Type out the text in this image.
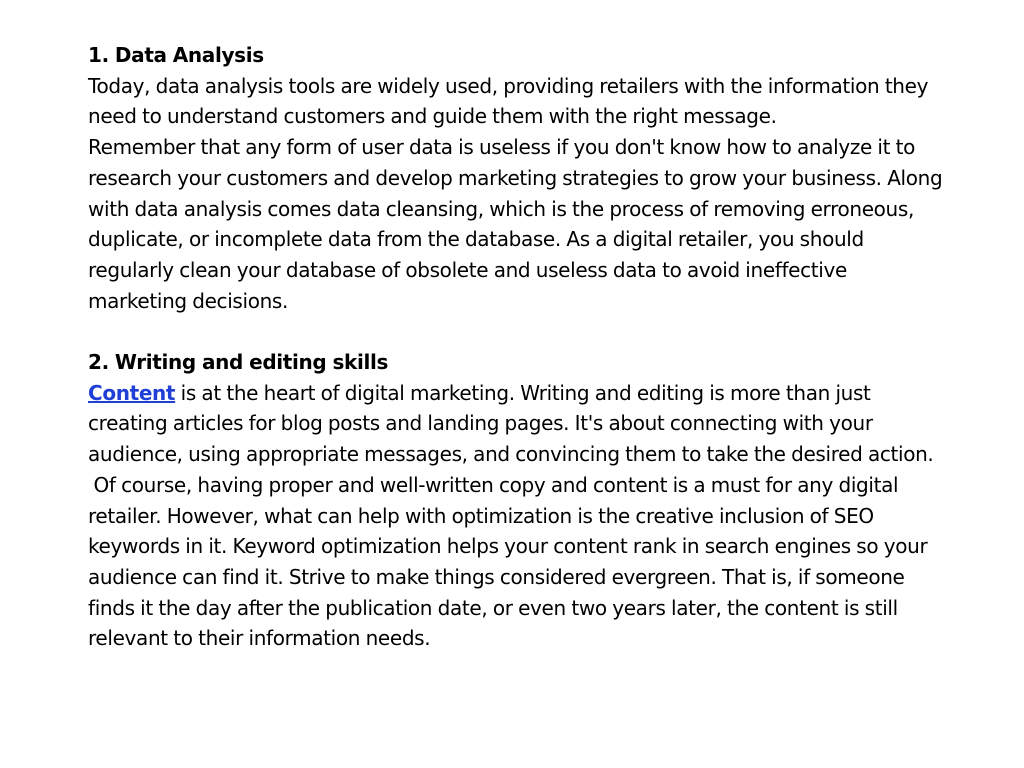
1. Data Analysis

Today, data analysis tools are widely used, providing retailers with the information they need to understand customers and guide them with the right message.

Remember that any form of user data is useless if you don't know how to analyze it to research your customers and develop marketing strategies to grow your business. Along with data analysis comes data cleansing, which is the process of removing erroneous, duplicate, or incomplete data from the database. As a digital retailer, you should regularly clean your database of obsolete and useless data to avoid ineffective marketing decisions.

2. Writing and editing skills

Content is at the heart of digital marketing. Writing and editing is more than just creating articles for blog posts and landing pages. It's about connecting with your audience, using appropriate messages, and convincing them to take the desired action.

Of course, having proper and well-written copy and content is a must for any digital retailer. However, what can help with optimization is the creative inclusion of SEO keywords in it. Keyword optimization helps your content rank in search engines so your audience can find it. Strive to make things considered evergreen. That is, if someone finds it the day after the publication date, or even two years later, the content is still relevant to their information needs.
